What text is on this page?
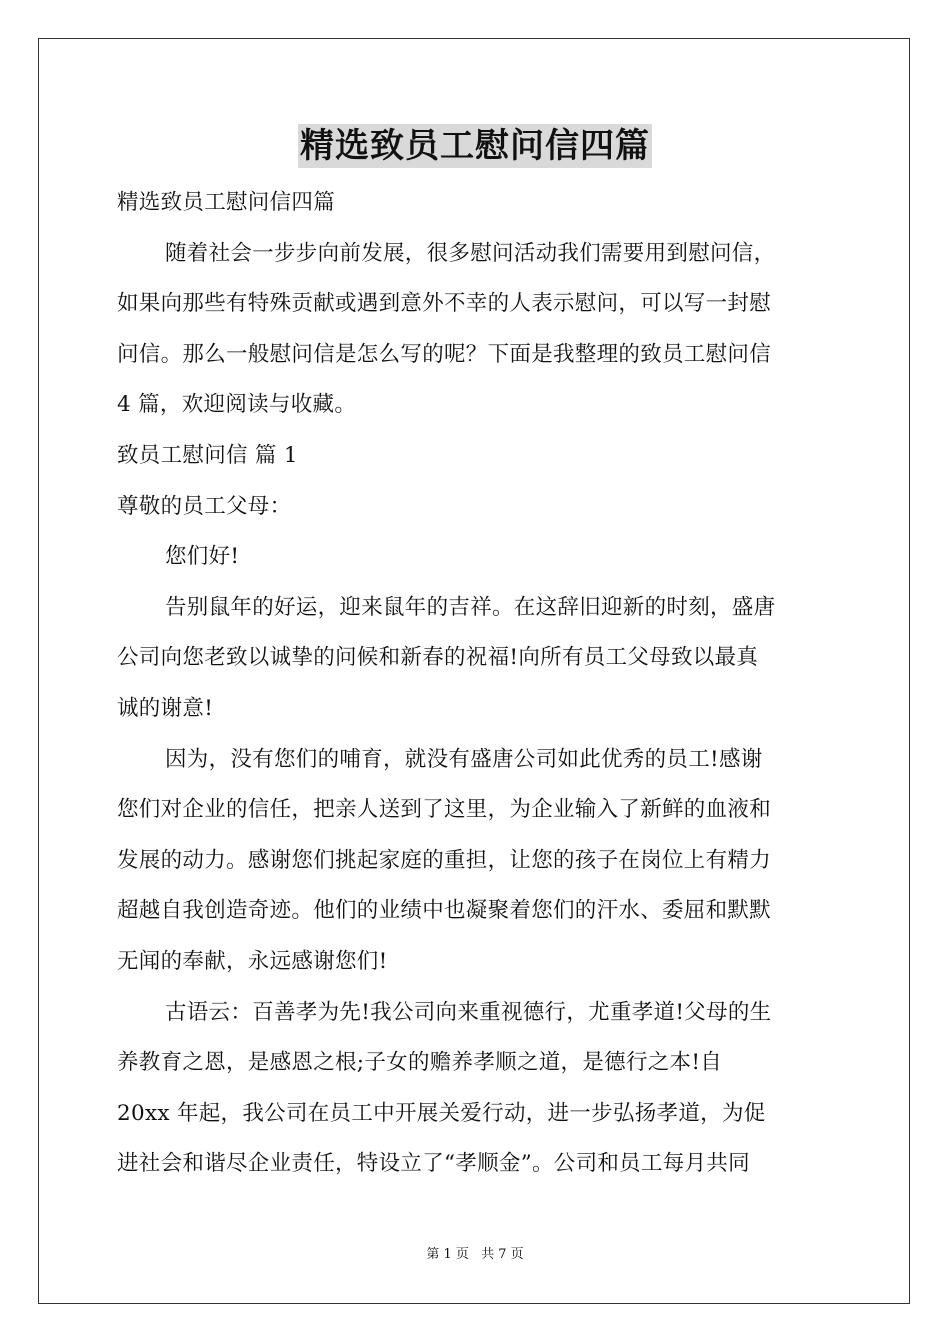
精选致员工慰问信四篇
精选致员工慰问信四篇
随着社会一步步向前发展，很多慰问活动我们需要用到慰问信，
如果向那些有特殊贡献或遇到意外不幸的人表示慰问，可以写一封慰
问信。那么一般慰问信是怎么写的呢？下面是我整理的致员工慰问信
4 篇，欢迎阅读与收藏。
致员工慰问信 篇 1
尊敬的员工父母：
您们好!
告别鼠年的好运，迎来鼠年的吉祥。在这辞旧迎新的时刻，盛唐
公司向您老致以诚挚的问候和新春的祝福!向所有员工父母致以最真
诚的谢意!
因为，没有您们的哺育，就没有盛唐公司如此优秀的员工!感谢
您们对企业的信任，把亲人送到了这里，为企业输入了新鲜的血液和
发展的动力。感谢您们挑起家庭的重担，让您的孩子在岗位上有精力
超越自我创造奇迹。他们的业绩中也凝聚着您们的汗水、委屈和默默
无闻的奉献，永远感谢您们!
古语云：百善孝为先!我公司向来重视德行，尤重孝道!父母的生
养教育之恩，是感恩之根;子女的赡养孝顺之道，是德行之本!自
20xx 年起，我公司在员工中开展关爱行动，进一步弘扬孝道，为促
进社会和谐尽企业责任，特设立了“孝顺金”。公司和员工每月共同
第 1 页 共 7 页
